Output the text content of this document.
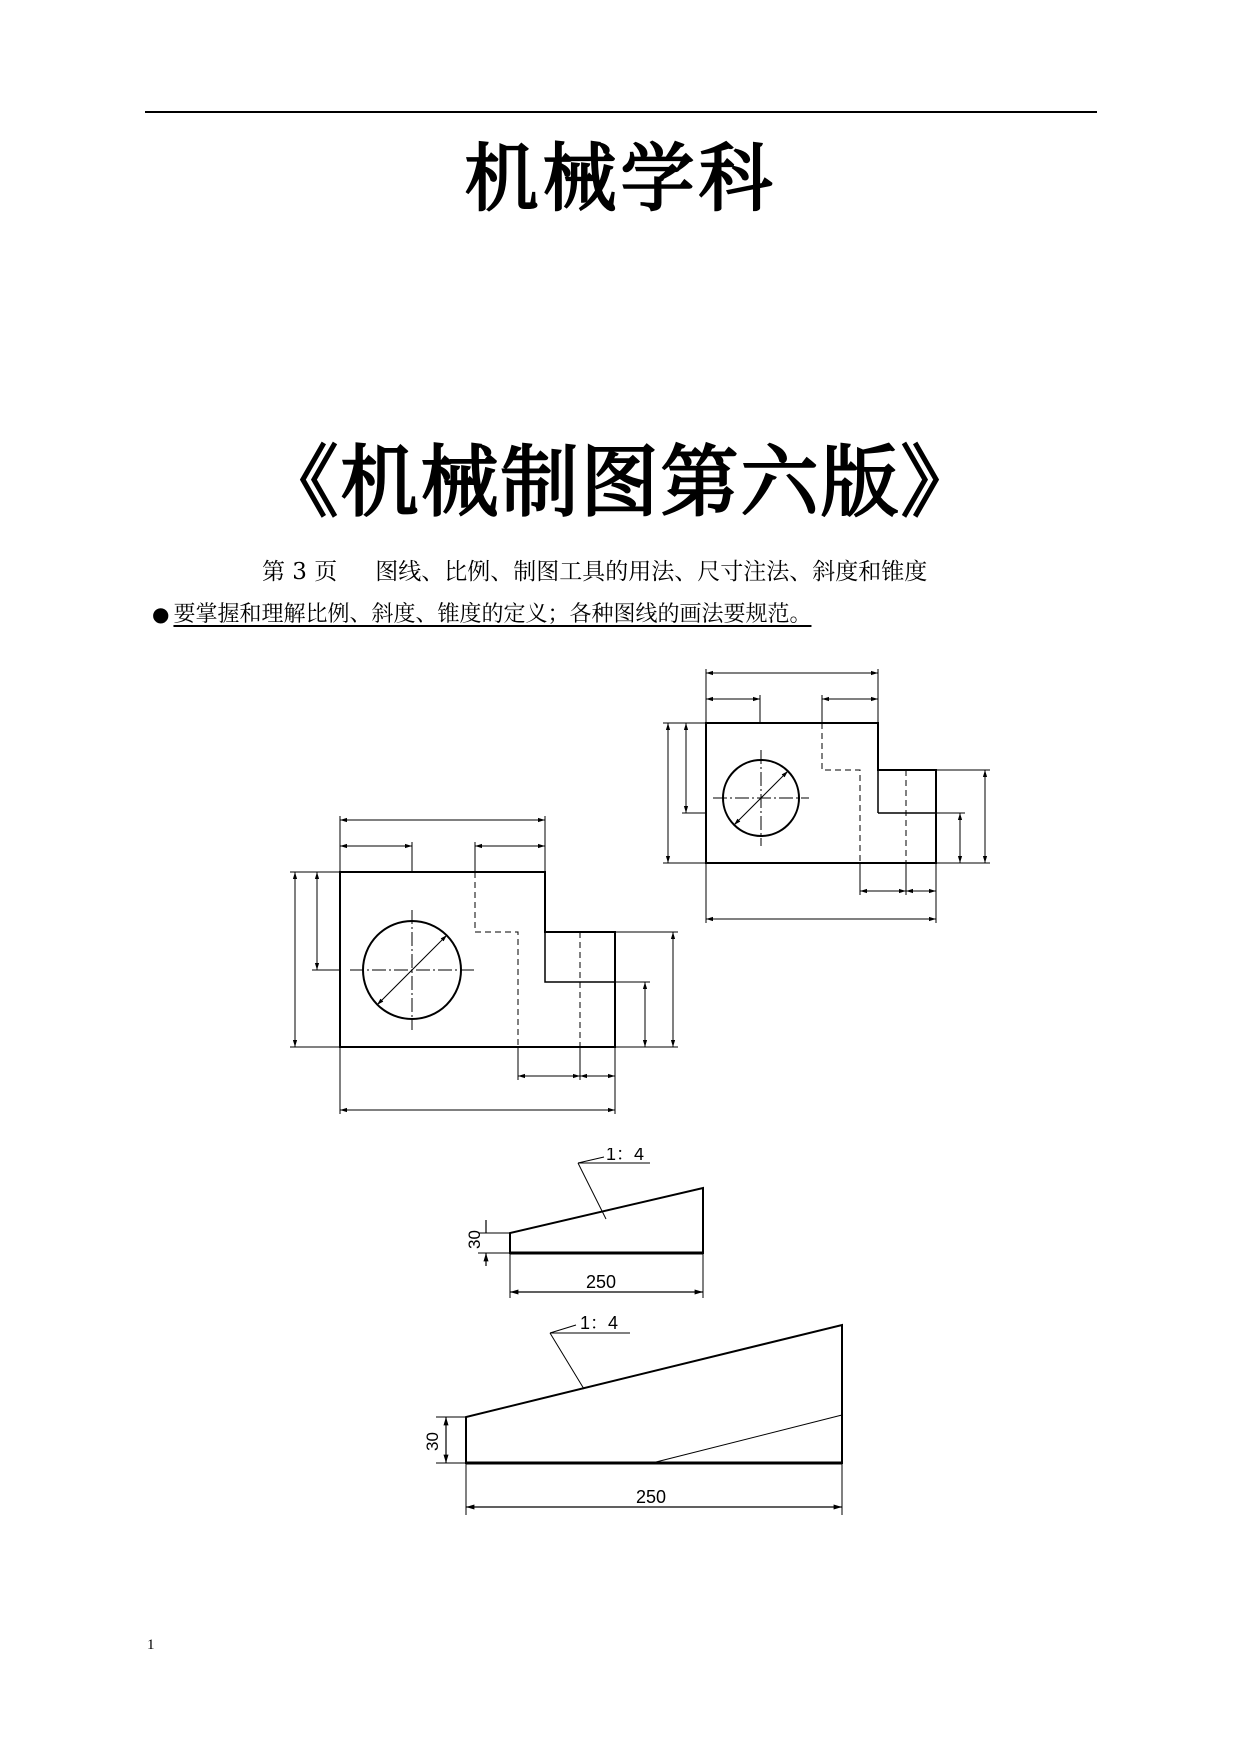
机械学科
《机械制图第六版》
第 3 页 图线、比例、制图工具的用法、尺寸注法、斜度和锥度
● 要掌握和理解比例、斜度、锥度的定义；各种图线的画法要规范。
1：4
30
250
1：4
30
250
1
